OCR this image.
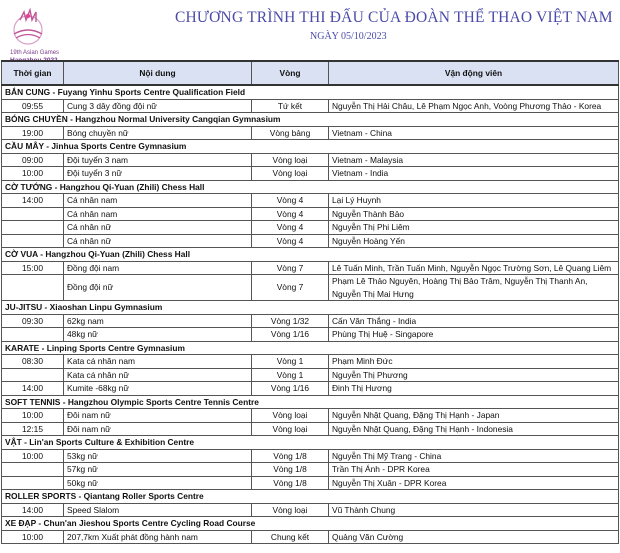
19th Asian Games
CHƯƠNG TRÌNH THI ĐẤU CỦA ĐOÀN THỂ THAO VIỆT NAM
NGÀY 05/10/2023
Thời gian	Nội dung	Vòng	Vận động viên
BẮN CUNG - Fuyang Yinhu Sports Centre Qualification Field			
09:55	Cung 3 dây đồng đội nữ	Tứ kết	Nguyễn Thị Hải Châu, Lê Phạm Ngọc Anh, Voòng Phương Thảo - Korea
BÓNG CHUYỀN - Hangzhou Normal University Cangqian Gymnasium			
19:00	Bóng chuyền nữ	Vòng bảng	Vietnam - China
CẦU MÂY - Jinhua Sports Centre Gymnasium			
09:00	Đội tuyển 3 nam	Vòng loại	Vietnam - Malaysia
10:00	Đội tuyển 3 nữ	Vòng loại	Vietnam - India
CỜ TƯỚNG - Hangzhou Qi-Yuan (Zhili) Chess Hall			
14:00	Cá nhân nam	Vòng 4	Lại Lý Huynh
	Cá nhân nam	Vòng 4	Nguyễn Thành Bảo
	Cá nhân nữ	Vòng 4	Nguyễn Thị Phi Liêm
	Cá nhân nữ	Vòng 4	Nguyễn Hoàng Yến
CỜ VUA - Hangzhou Qi-Yuan (Zhili) Chess Hall			
15:00	Đồng đội nam	Vòng 7	Lê Tuấn Minh, Trần Tuấn Minh, Nguyễn Ngọc Trường Sơn, Lê Quang Liêm
	Đồng đội nữ	Vòng 7	Phạm Lê Thảo Nguyên, Hoàng Thị Bảo Trâm, Nguyễn Thị Thanh An, Nguyễn Thị Mai Hưng
JU-JITSU - Xiaoshan Linpu Gymnasium			
09:30	62kg nam	Vòng 1/32	Cấn Văn Thắng - India
	48kg nữ	Vòng 1/16	Phùng Thị Huệ - Singapore
KARATE - Linping Sports Centre Gymnasium			
08:30	Kata cá nhân nam	Vòng 1	Phạm Minh Đức
	Kata cá nhân nữ	Vòng 1	Nguyễn Thị Phương
14:00	Kumite -68kg nữ	Vòng 1/16	Đinh Thị Hương
SOFT TENNIS - Hangzhou Olympic Sports Centre Tennis Centre			
10:00	Đôi nam nữ	Vòng loại	Nguyễn Nhật Quang, Đặng Thị Hạnh - Japan
12:15	Đôi nam nữ	Vòng loại	Nguyễn Nhật Quang, Đặng Thị Hạnh - Indonesia
VẬT - Lin'an Sports Culture & Exhibition Centre			
10:00	53kg nữ	Vòng 1/8	Nguyễn Thị Mỹ Trang - China
	57kg nữ	Vòng 1/8	Trần Thị Ánh - DPR Korea
	50kg nữ	Vòng 1/8	Nguyễn Thị Xuân - DPR Korea
ROLLER SPORTS - Qiantang Roller Sports Centre			
14:00	Speed Slalom	Vòng loại	Vũ Thành Chung
XE ĐẠP - Chun'an Jieshou Sports Centre Cycling Road Course			
10:00	207,7km Xuất phát đồng hành nam	Chung kết	Quảng Văn Cường
